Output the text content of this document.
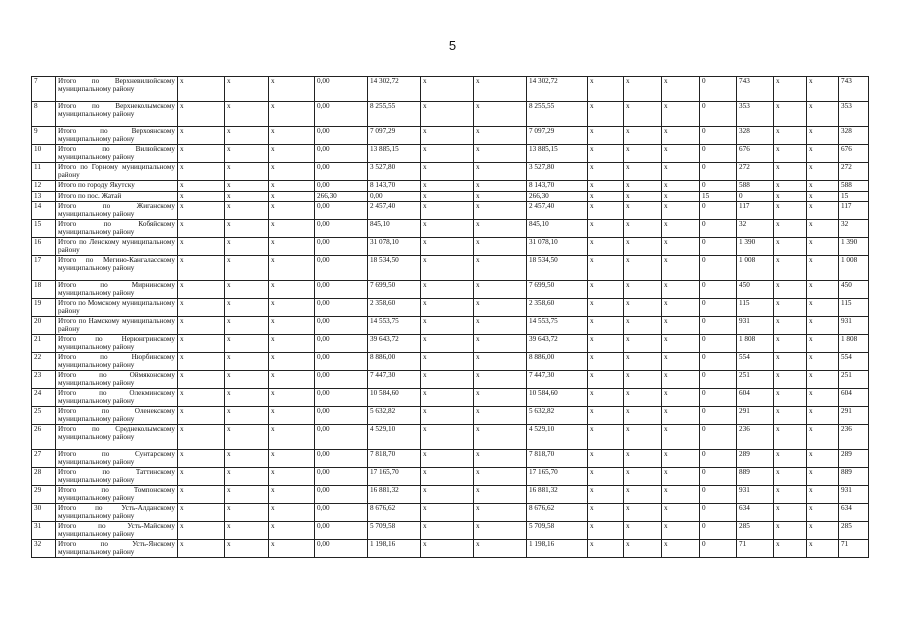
5
7	Итого по Верхневилюйскому муниципальному району	х	х	х	0,00	14 302,72	х	х	14 302,72	х	х	х	0	743	х	х	743
8	Итого по Верхнеколымскому муниципальному району	х	х	х	0,00	8 255,55	х	х	8 255,55	х	х	х	0	353	х	х	353
9	Итого по Верхоянскому муниципальному району	х	х	х	0,00	7 097,29	х	х	7 097,29	х	х	х	0	328	х	х	328
10	Итого по Вилюйскому муниципальному району	х	х	х	0,00	13 885,15	х	х	13 885,15	х	х	х	0	676	х	х	676
11	Итого по Горному муниципальному району	х	х	х	0,00	3 527,80	х	х	3 527,80	х	х	х	0	272	х	х	272
12	Итого по городу Якутску	х	х	х	0,00	8 143,70	х	х	8 143,70	х	х	х	0	588	х	х	588
13	Итого по пос. Жатай	х	х	х	266,30	0,00	х	х	266,30	х	х	х	15	0	х	х	15
14	Итого по Жиганскому муниципальному району	х	х	х	0,00	2 457,40	х	х	2 457,40	х	х	х	0	117	х	х	117
15	Итого по Кобяйскому муниципальному району	х	х	х	0,00	845,10	х	х	845,10	х	х	х	0	32	х	х	32
16	Итого по Ленскому муниципальному району	х	х	х	0,00	31 078,10	х	х	31 078,10	х	х	х	0	1 390	х	х	1 390
17	Итого по Мегино-Кангаласскому муниципальному району	х	х	х	0,00	18 534,50	х	х	18 534,50	х	х	х	0	1 008	х	х	1 008
18	Итого по Мирнинскому муниципальному району	х	х	х	0,00	7 699,50	х	х	7 699,50	х	х	х	0	450	х	х	450
19	Итого по Момскому муниципальному району	х	х	х	0,00	2 358,60	х	х	2 358,60	х	х	х	0	115	х	х	115
20	Итого по Намскому муниципальному району	х	х	х	0,00	14 553,75	х	х	14 553,75	х	х	х	0	931	х	х	931
21	Итого по Нерюнгринскому муниципальному району	х	х	х	0,00	39 643,72	х	х	39 643,72	х	х	х	0	1 808	х	х	1 808
22	Итого по Нюрбинскому муниципальному району	х	х	х	0,00	8 886,00	х	х	8 886,00	х	х	х	0	554	х	х	554
23	Итого по Оймяконскому муниципальному району	х	х	х	0,00	7 447,30	х	х	7 447,30	х	х	х	0	251	х	х	251
24	Итого по Олекминскому муниципальному району	х	х	х	0,00	10 584,60	х	х	10 584,60	х	х	х	0	604	х	х	604
25	Итого по Оленекскому муниципальному району	х	х	х	0,00	5 632,82	х	х	5 632,82	х	х	х	0	291	х	х	291
26	Итого по Среднеколымскому муниципальному району	х	х	х	0,00	4 529,10	х	х	4 529,10	х	х	х	0	236	х	х	236
27	Итого по Сунтарскому муниципальному району	х	х	х	0,00	7 818,70	х	х	7 818,70	х	х	х	0	289	х	х	289
28	Итого по Таттинскому муниципальному району	х	х	х	0,00	17 165,70	х	х	17 165,70	х	х	х	0	889	х	х	889
29	Итого по Томпонскому муниципальному району	х	х	х	0,00	16 881,32	х	х	16 881,32	х	х	х	0	931	х	х	931
30	Итого по Усть-Алданскому муниципальному району	х	х	х	0,00	8 676,62	х	х	8 676,62	х	х	х	0	634	х	х	634
31	Итого по Усть-Майскому муниципальному району	х	х	х	0,00	5 709,58	х	х	5 709,58	х	х	х	0	285	х	х	285
32	Итого по Усть-Янскому муниципальному району	х	х	х	0,00	1 198,16	х	х	1 198,16	х	х	х	0	71	х	х	71
